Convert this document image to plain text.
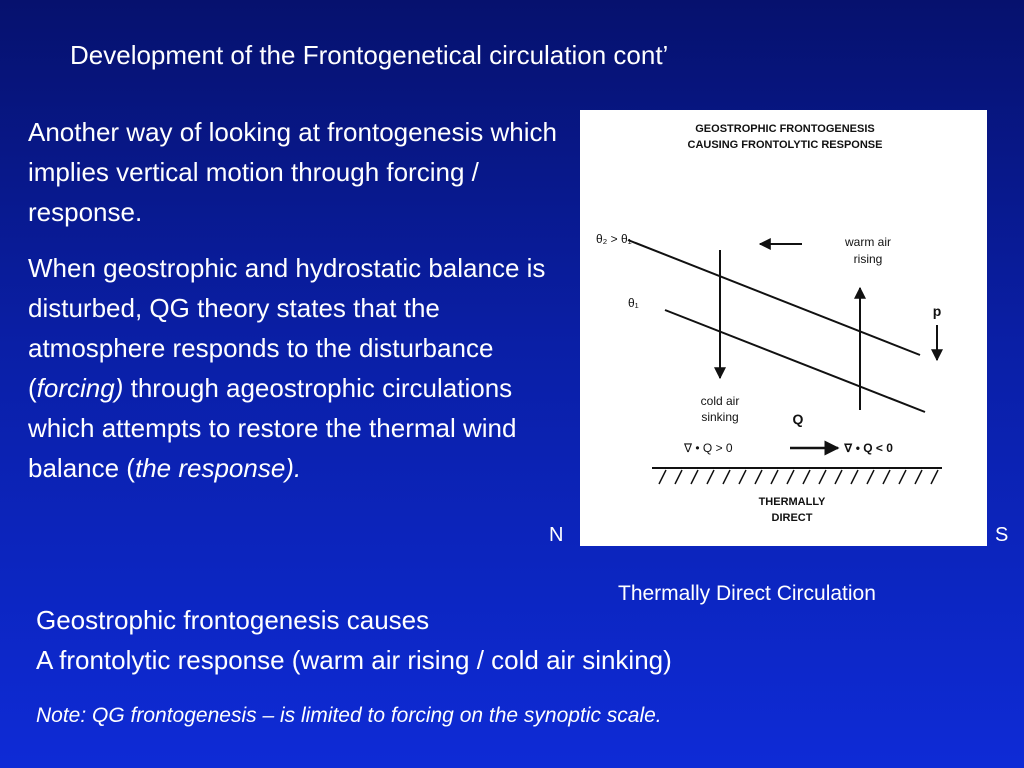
Development of the Frontogenetical circulation cont’
Another way of looking at frontogenesis which implies vertical motion through forcing / response.
When geostrophic and hydrostatic balance is disturbed, QG theory states that the atmosphere responds to the disturbance (forcing) through ageostrophic circulations which attempts to restore the thermal wind balance (the response).
Geostrophic frontogenesis causes
A frontolytic response (warm air rising / cold air sinking)
Note: QG frontogenesis – is limited to forcing on the synoptic scale.
N	S
Thermally Direct Circulation
GEOSTROPHIC FRONTOGENESIS
CAUSING FRONTOLYTIC RESPONSE
θ₂ > θ₁
θ₁
warm air
rising
p
cold air
sinking	Q
∇ • Q > 0	∇ • Q < 0
THERMALLY
DIRECT
